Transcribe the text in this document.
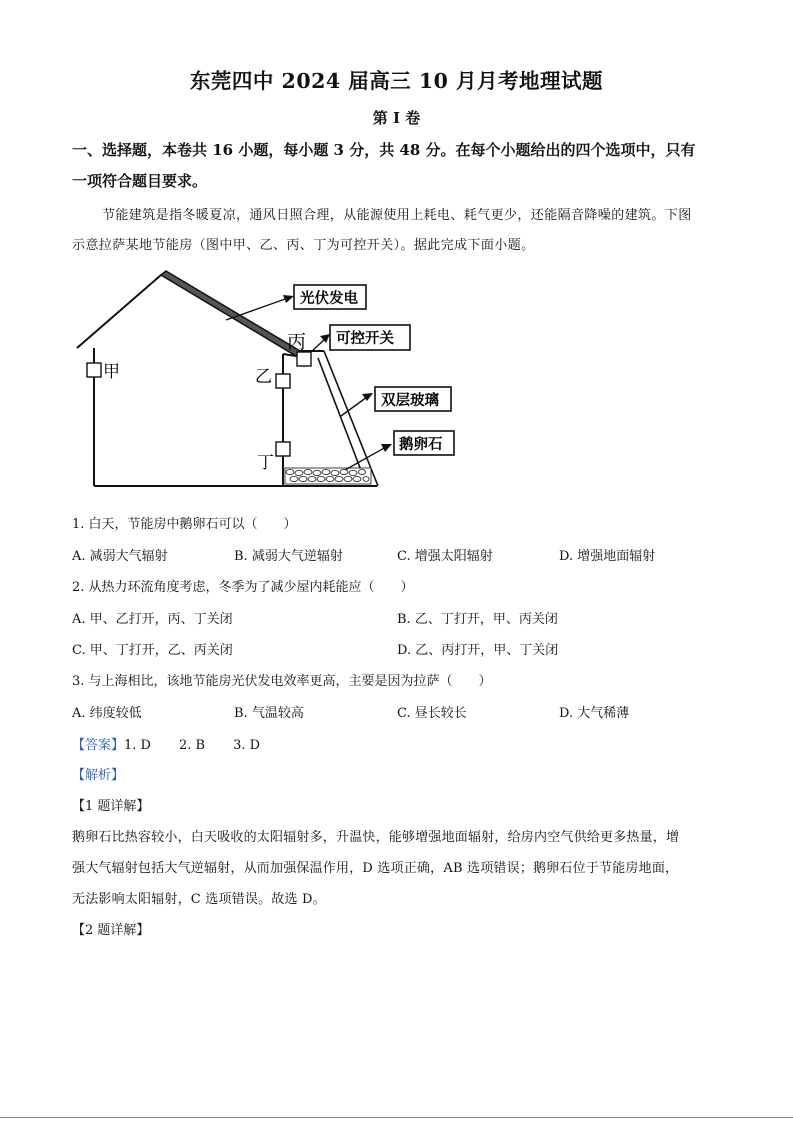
东莞四中 2024 届高三 10 月月考地理试题
第 I 卷
一、选择题，本卷共 16 小题，每小题 3 分，共 48 分。在每个小题给出的四个选项中，只有
一项符合题目要求。
节能建筑是指冬暖夏凉，通风日照合理，从能源使用上耗电、耗气更少，还能隔音降噪的建筑。下图
示意拉萨某地节能房（图中甲、乙、丙、丁为可控开关）。据此完成下面小题。
甲	乙
丙
丁
光伏发电
可控开关
双层玻璃
鹅卵石
1. 白天，节能房中鹅卵石可以（　　）
A. 减弱大气辐射	B. 减弱大气逆辐射	C. 增强太阳辐射	D. 增强地面辐射
2. 从热力环流角度考虑，冬季为了减少屋内耗能应（　　）
A. 甲、乙打开，丙、丁关闭	B. 乙、丁打开，甲、丙关闭
C. 甲、丁打开，乙、丙关闭	D. 乙、丙打开，甲、丁关闭
3. 与上海相比，该地节能房光伏发电效率更高，主要是因为拉萨（　　）
A. 纬度较低	B. 气温较高	C. 昼长较长	D. 大气稀薄
【答案】1. D 2. B 3. D
【解析】
【1 题详解】
鹅卵石比热容较小，白天吸收的太阳辐射多，升温快，能够增强地面辐射，给房内空气供给更多热量，增
强大气辐射包括大气逆辐射，从而加强保温作用，D 选项正确，AB 选项错误；鹅卵石位于节能房地面，
无法影响太阳辐射，C 选项错误。故选 D。
【2 题详解】
